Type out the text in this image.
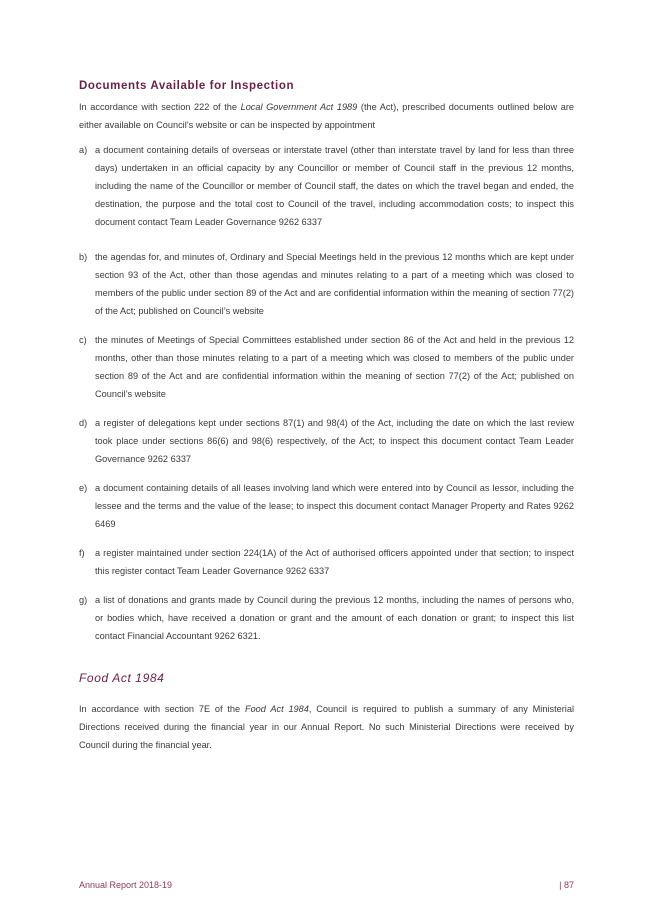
Documents Available for Inspection

In accordance with section 222 of the Local Government Act 1989 (the Act), prescribed documents outlined below are either available on Council’s website or can be inspected by appointment

a) a document containing details of overseas or interstate travel (other than interstate travel by land for less than three days) undertaken in an official capacity by any Councillor or member of Council staff in the previous 12 months, including the name of the Councillor or member of Council staff, the dates on which the travel began and ended, the destination, the purpose and the total cost to Council of the travel, including accommodation costs; to inspect this document contact Team Leader Governance 9262 6337
b) the agendas for, and minutes of, Ordinary and Special Meetings held in the previous 12 months which are kept under section 93 of the Act, other than those agendas and minutes relating to a part of a meeting which was closed to members of the public under section 89 of the Act and are confidential information within the meaning of section 77(2) of the Act; published on Council’s website
c) the minutes of Meetings of Special Committees established under section 86 of the Act and held in the previous 12 months, other than those minutes relating to a part of a meeting which was closed to members of the public under section 89 of the Act and are confidential information within the meaning of section 77(2) of the Act; published on Council’s website
d) a register of delegations kept under sections 87(1) and 98(4) of the Act, including the date on which the last review took place under sections 86(6) and 98(6) respectively, of the Act; to inspect this document contact Team Leader Governance 9262 6337
e) a document containing details of all leases involving land which were entered into by Council as lessor, including the lessee and the terms and the value of the lease; to inspect this document contact Manager Property and Rates 9262 6469
f) a register maintained under section 224(1A) of the Act of authorised officers appointed under that section; to inspect this register contact Team Leader Governance 9262 6337
g) a list of donations and grants made by Council during the previous 12 months, including the names of persons who, or bodies which, have received a donation or grant and the amount of each donation or grant; to inspect this list contact Financial Accountant 9262 6321.
Food Act 1984

In accordance with section 7E of the Food Act 1984, Council is required to publish a summary of any Ministerial Directions received during the financial year in our Annual Report. No such Ministerial Directions were received by Council during the financial year.

Annual Report 2018-19	| 87
